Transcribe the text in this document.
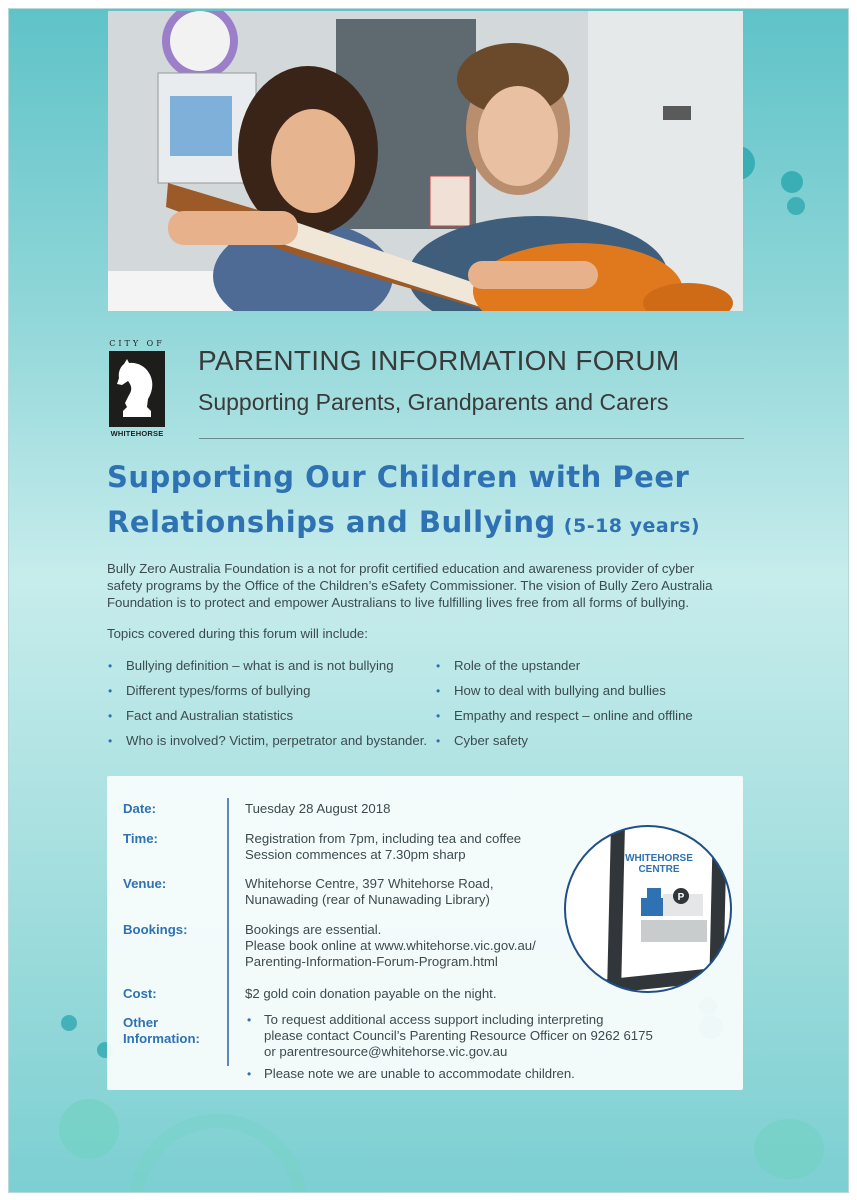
CITY OF
WHITEHORSE
PARENTING INFORMATION FORUM
Supporting Parents, Grandparents and Carers
Supporting Our Children with Peer
Relationships and Bullying (5-18 years)
Bully Zero Australia Foundation is a not for profit certified education and awareness provider of cyber
safety programs by the Office of the Children’s eSafety Commissioner. The vision of Bully Zero Australia
Foundation is to protect and empower Australians to live fulfilling lives free from all forms of bullying.
Topics covered during this forum will include:
• Bullying definition – what is and is not bullying
• Different types/forms of bullying
• Fact and Australian statistics
• Who is involved? Victim, perpetrator and bystander.
• Role of the upstander
• How to deal with bullying and bullies
• Empathy and respect – online and offline
• Cyber safety
Date:	Tuesday 28 August 2018
Time:	Registration from 7pm, including tea and coffee
Session commences at 7.30pm sharp
Venue:	Whitehorse Centre, 397 Whitehorse Road,
Nunawading (rear of Nunawading Library)
Bookings:	Bookings are essential.
Please book online at www.whitehorse.vic.gov.au/
Parenting-Information-Forum-Program.html
Cost:	$2 gold coin donation payable on the night.
Other
Information:
• To request additional access support including interpreting
please contact Council’s Parenting Resource Officer on 9262 6175
or parentresource@whitehorse.vic.gov.au
• Please note we are unable to accommodate children.
P
WHITEHORSE
CENTRE
